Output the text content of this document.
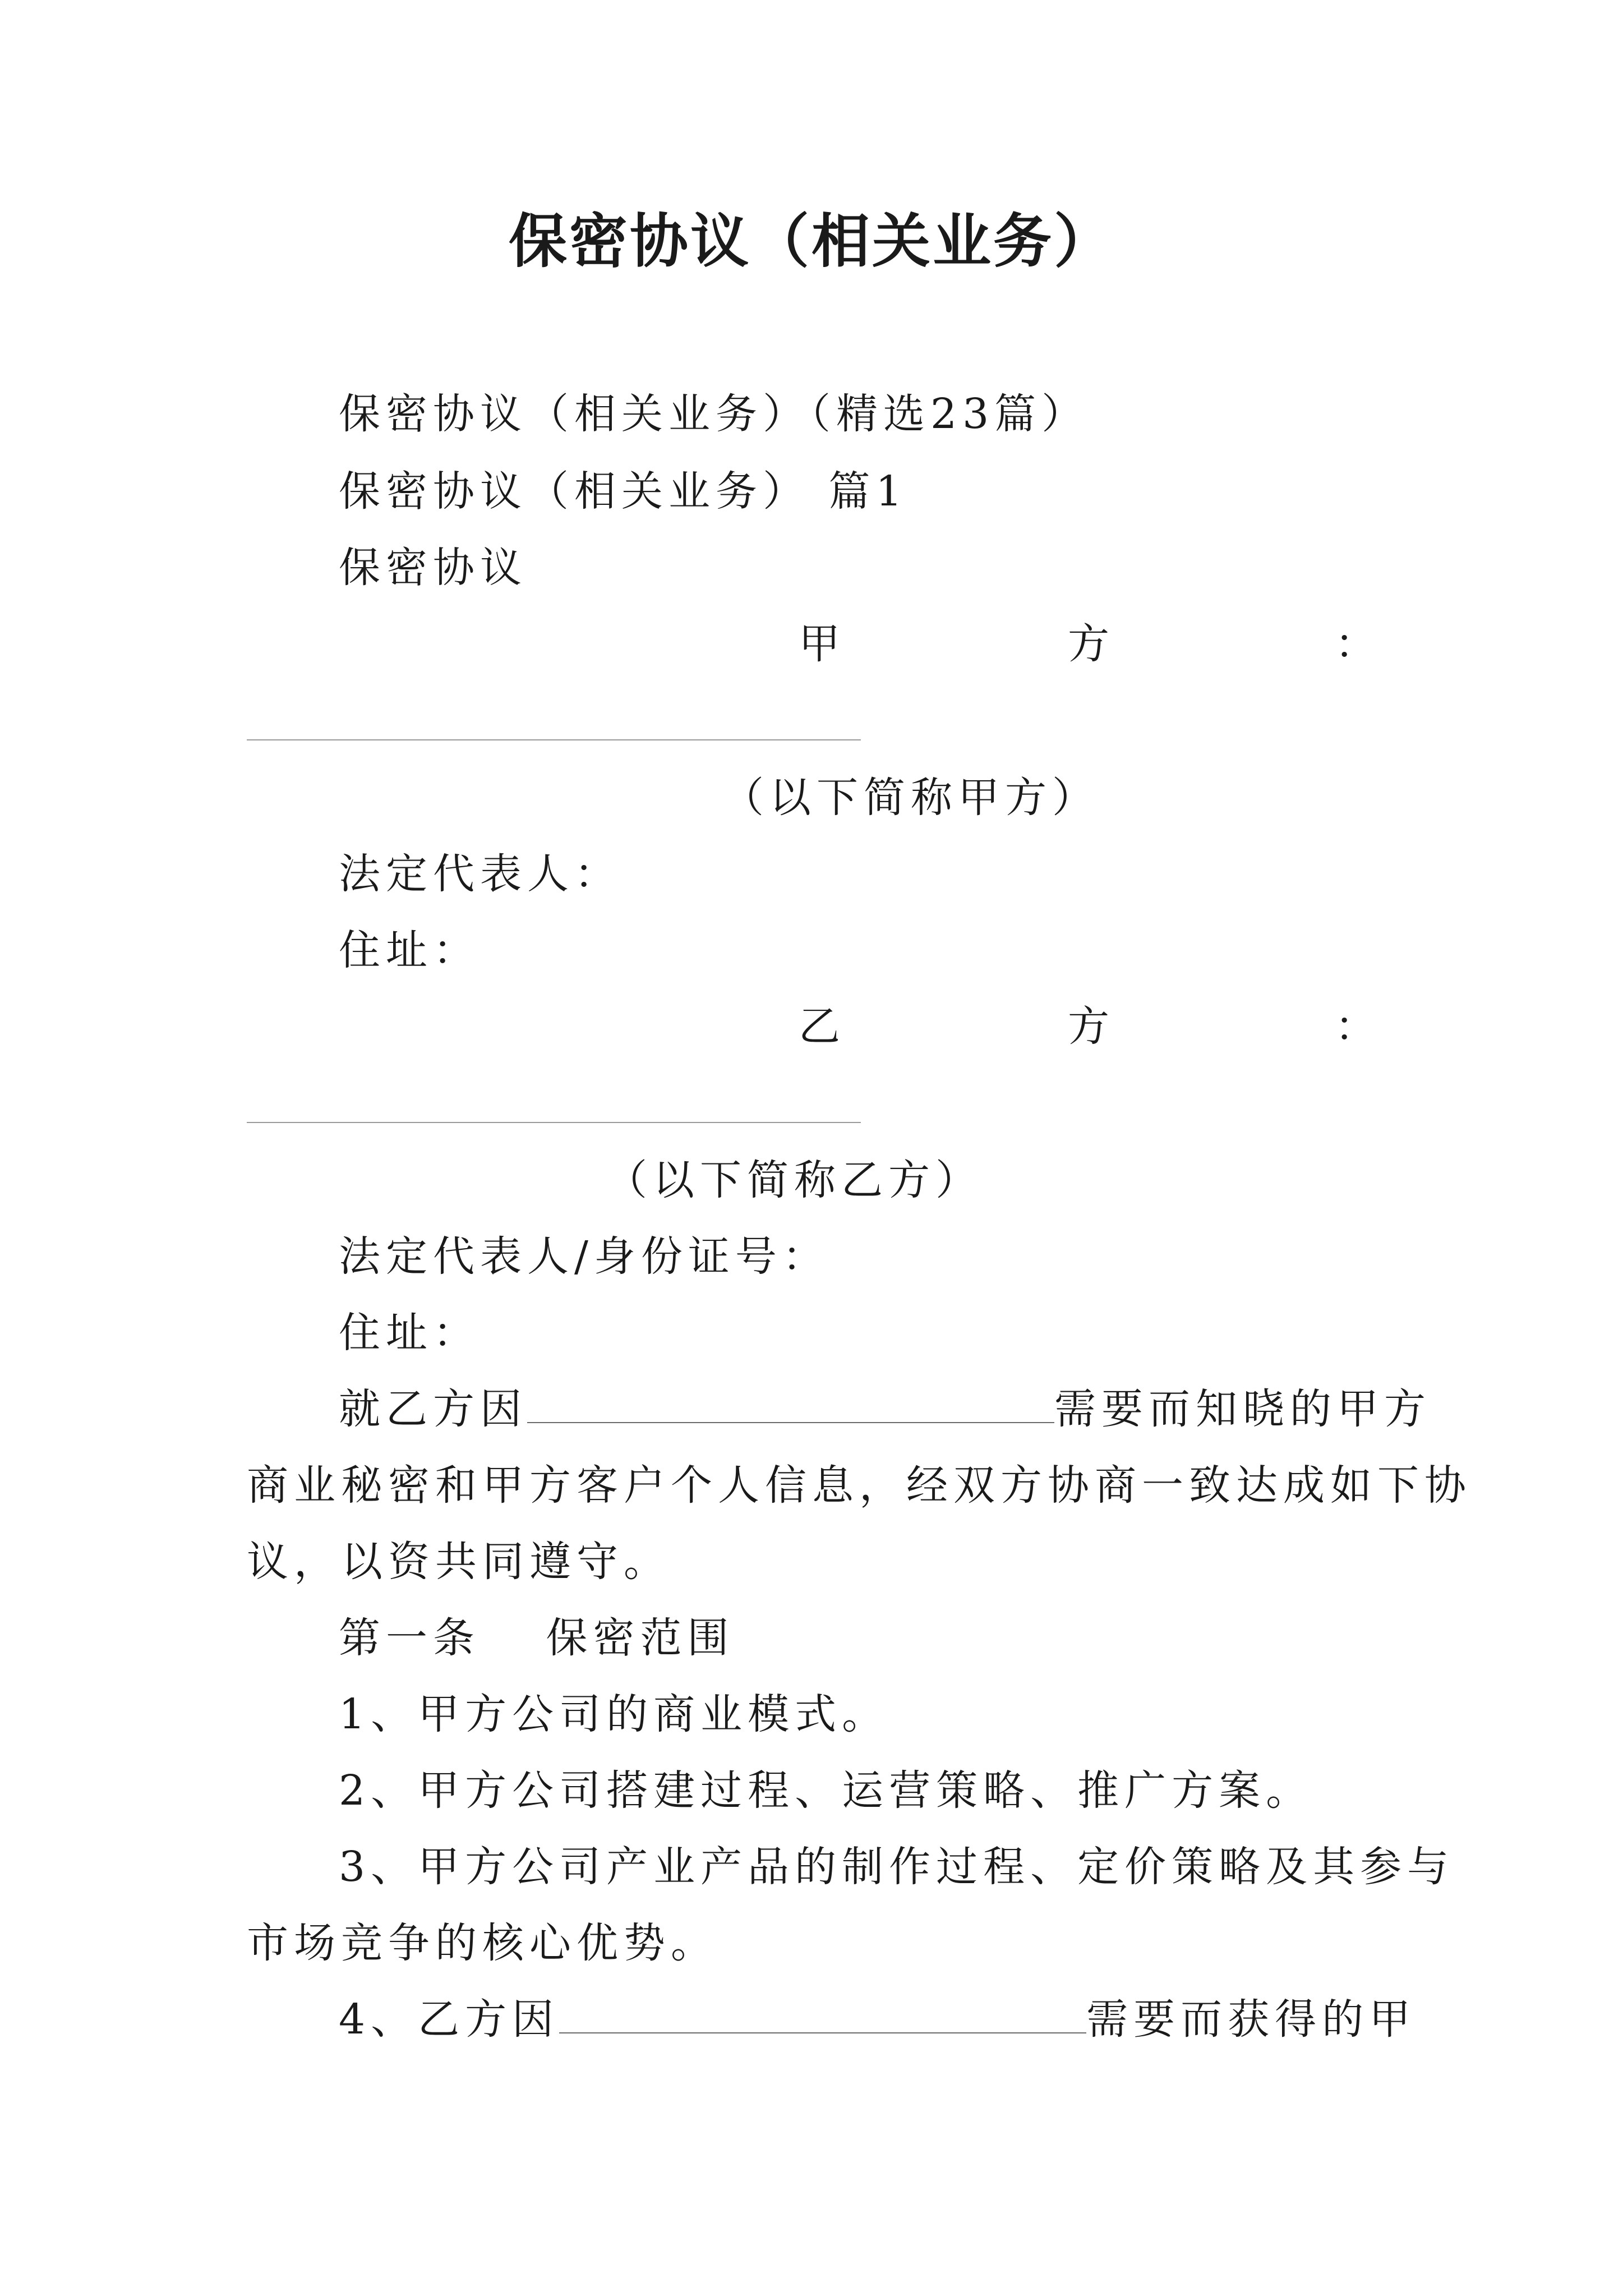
保密协议（相关业务）
保密协议（相关业务）（精选23篇）
保密协议（相关业务） 篇1
保密协议
甲	方	：
（以下简称甲方）
法定代表人：
住址：
乙	方	：
（以下简称乙方）
法定代表人/身份证号：
住址：
就乙方因	需要而知晓的甲方
商业秘密和甲方客户个人信息，经双方协商一致达成如下协
议，以资共同遵守。
第一条　 保密范围
1、甲方公司的商业模式。
2、甲方公司搭建过程、运营策略、推广方案。
3、甲方公司产业产品的制作过程、定价策略及其参与
市场竞争的核心优势。
4、乙方因	需要而获得的甲
